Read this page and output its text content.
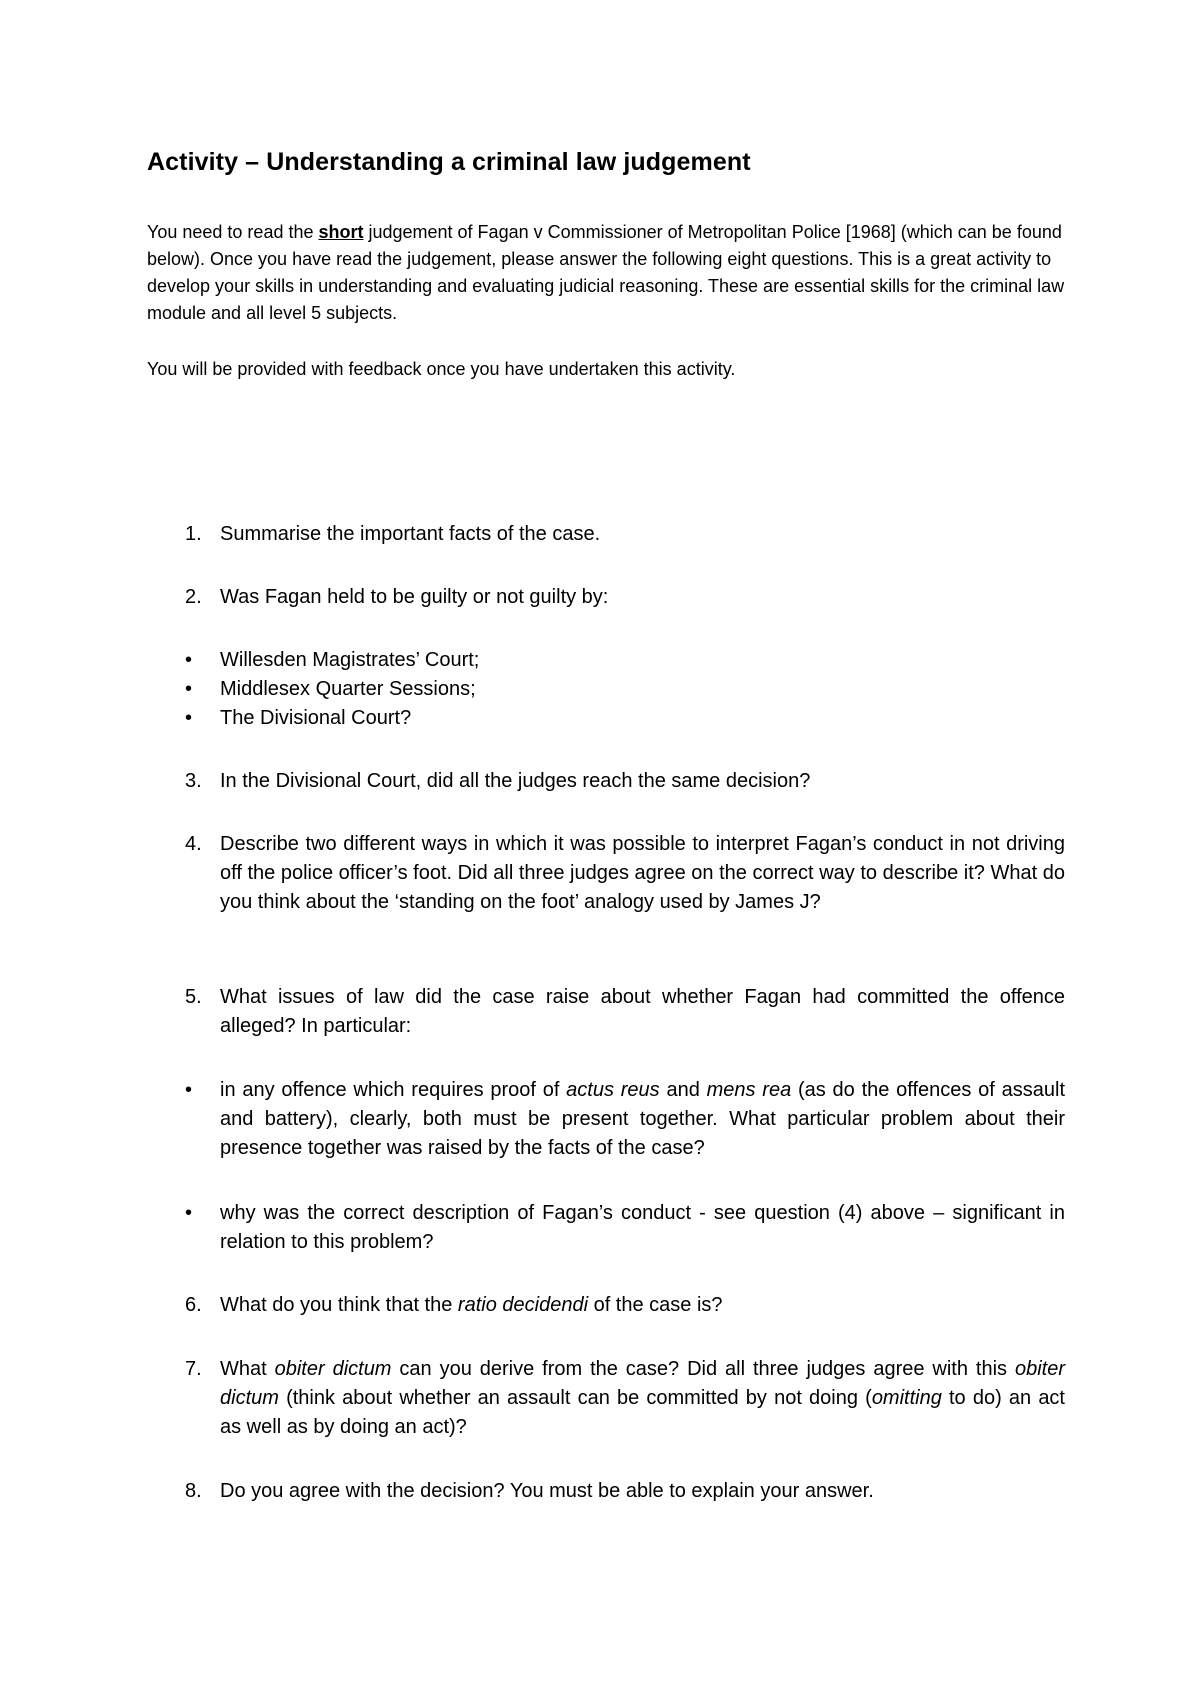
Activity – Understanding a criminal law judgement

You need to read the short judgement of Fagan v Commissioner of Metropolitan Police [1968] (which can be found below). Once you have read the judgement, please answer the following eight questions. This is a great activity to develop your skills in understanding and evaluating judicial reasoning. These are essential skills for the criminal law module and all level 5 subjects.

You will be provided with feedback once you have undertaken this activity.

1. Summarise the important facts of the case.
2. Was Fagan held to be guilty or not guilty by:
• Willesden Magistrates’ Court;
• Middlesex Quarter Sessions;
• The Divisional Court?
3. In the Divisional Court, did all the judges reach the same decision?
4. Describe two different ways in which it was possible to interpret Fagan’s conduct in not driving off the police officer’s foot. Did all three judges agree on the correct way to describe it? What do you think about the ‘standing on the foot’ analogy used by James J?
5. What issues of law did the case raise about whether Fagan had committed the offence alleged? In particular:
• in any offence which requires proof of actus reus and mens rea (as do the offences of assault and battery), clearly, both must be present together. What particular problem about their presence together was raised by the facts of the case?
• why was the correct description of Fagan’s conduct - see question (4) above – significant in relation to this problem?
6. What do you think that the ratio decidendi of the case is?
7. What obiter dictum can you derive from the case? Did all three judges agree with this obiter dictum (think about whether an assault can be committed by not doing (omitting to do) an act as well as by doing an act)?
8. Do you agree with the decision? You must be able to explain your answer.
